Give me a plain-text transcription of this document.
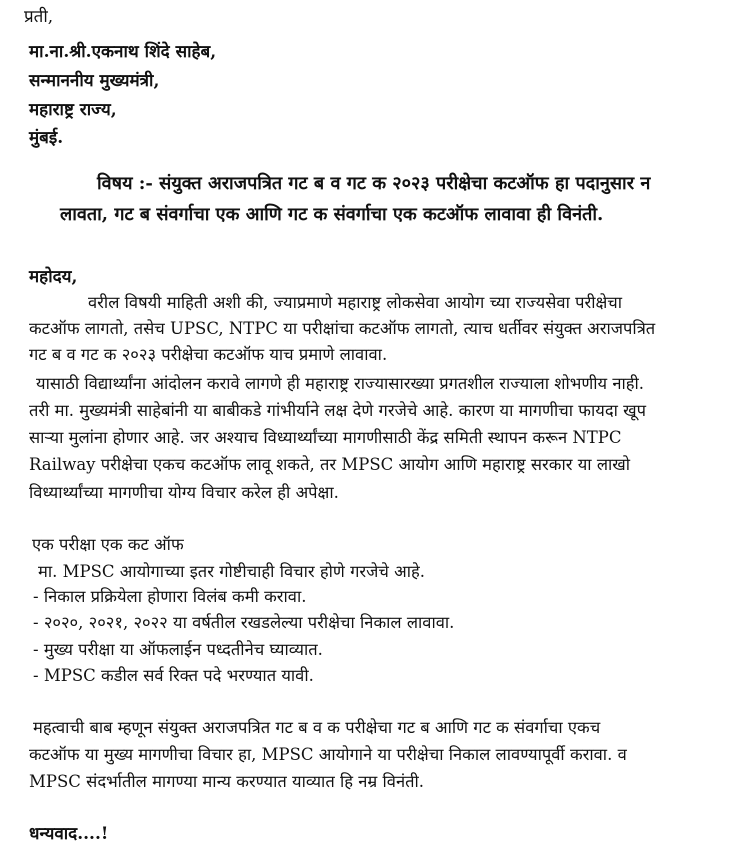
प्रती,
मा.ना.श्री.एकनाथ शिंदे साहेब,
सन्माननीय मुख्यमंत्री,
महाराष्ट्र राज्य,
मुंबई.
विषय :- संयुक्त अराजपत्रित गट ब व गट क २०२३ परीक्षेचा कटऑफ हा पदानुसार न
लावता, गट ब संवर्गाचा एक आणि गट क संवर्गाचा एक कटऑफ लावावा ही विनंती.
महोदय,
वरील विषयी माहिती अशी की, ज्याप्रमाणे महाराष्ट्र लोकसेवा आयोग च्या राज्यसेवा परीक्षेचा
कटऑफ लागतो, तसेच UPSC, NTPC या परीक्षांचा कटऑफ लागतो, त्याच धर्तीवर संयुक्त अराजपत्रित
गट ब व गट क २०२३ परीक्षेचा कटऑफ याच प्रमाणे लावावा.
यासाठी विद्यार्थ्यांना आंदोलन करावे लागणे ही महाराष्ट्र राज्यासारख्या प्रगतशील राज्याला शोभणीय नाही.
तरी मा. मुख्यमंत्री साहेबांनी या बाबीकडे गांभीर्याने लक्ष देणे गरजेचे आहे. कारण या मागणीचा फायदा खूप
साऱ्या मुलांना होणार आहे. जर अश्याच विध्यार्थ्यांच्या मागणीसाठी केंद्र समिती स्थापन करून NTPC
Railway परीक्षेचा एकच कटऑफ लावू शकते, तर MPSC आयोग आणि महाराष्ट्र सरकार या लाखो
विध्यार्थ्यांच्या मागणीचा योग्य विचार करेल ही अपेक्षा.
एक परीक्षा एक कट ऑफ
मा. MPSC आयोगाच्या इतर गोष्टीचाही विचार होणे गरजेचे आहे.
- निकाल प्रक्रियेला होणारा विलंब कमी करावा.
- २०२०, २०२१, २०२२ या वर्षतील रखडलेल्या परीक्षेचा निकाल लावावा.
- मुख्य परीक्षा या ऑफलाईन पध्दतीनेच घ्याव्यात.
- MPSC कडील सर्व रिक्त पदे भरण्यात यावी.
महत्वाची बाब म्हणून संयुक्त अराजपत्रित गट ब व क परीक्षेचा गट ब आणि गट क संवर्गाचा एकच
कटऑफ या मुख्य मागणीचा विचार हा, MPSC आयोगाने या परीक्षेचा निकाल लावण्यापूर्वी करावा. व
MPSC संदर्भातील मागण्या मान्य करण्यात याव्यात हि नम्र विनंती.
धन्यवाद....!
